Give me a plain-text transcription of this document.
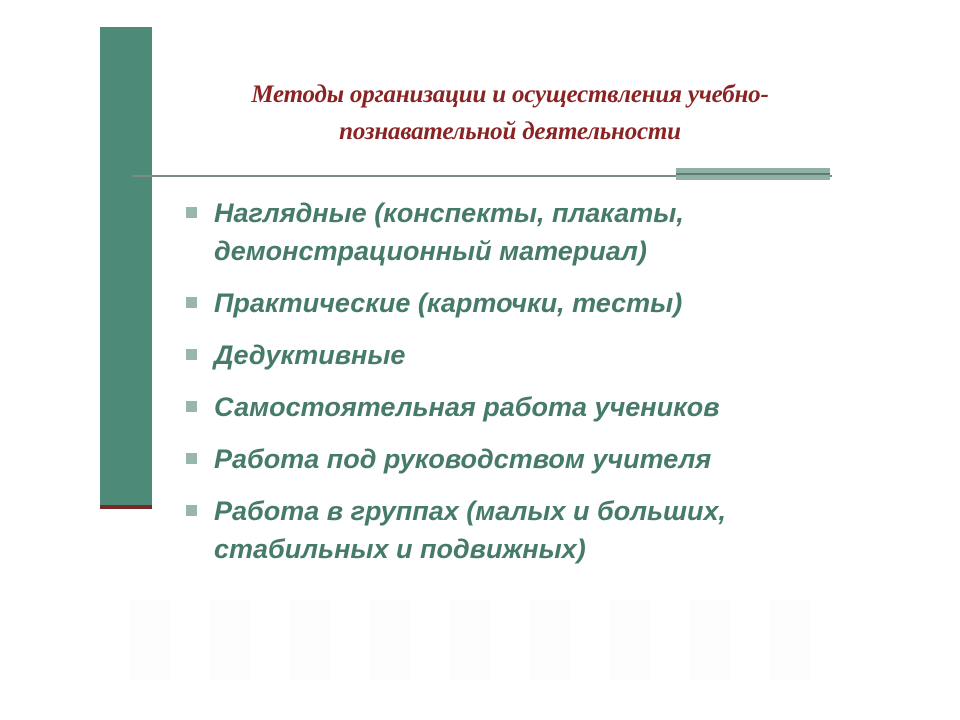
Методы организации и осуществления учебно-познавательной деятельности
Наглядные (конспекты, плакаты, демонстрационный материал)
Практические (карточки, тесты)
Дедуктивные
Самостоятельная работа учеников
Работа под руководством учителя
Работа в группах (малых и больших, стабильных и подвижных)
